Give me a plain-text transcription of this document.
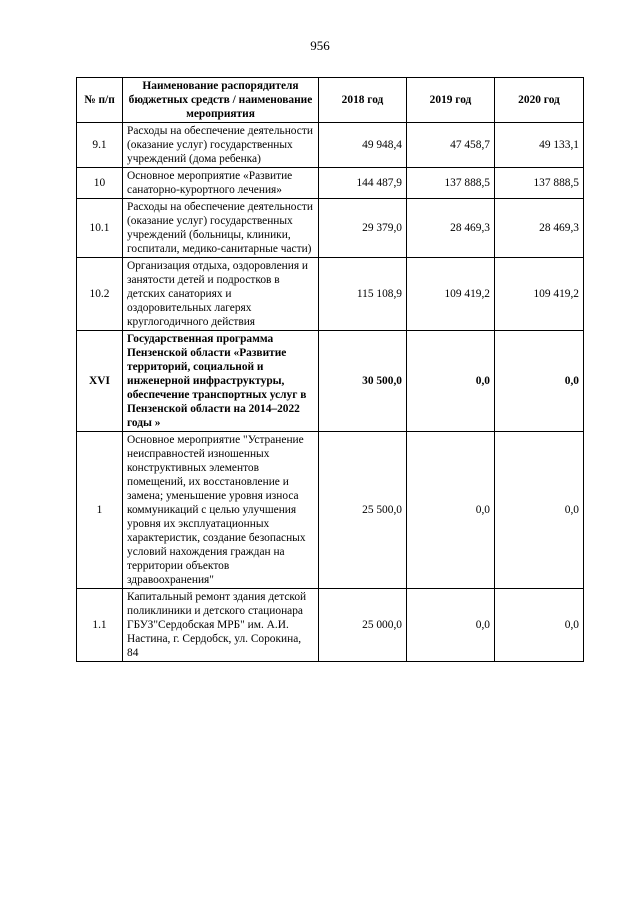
956
№ п/п	Наименование распорядителя бюджетных средств / наименование мероприятия	2018 год	2019 год	2020 год
9.1	Расходы на обеспечение деятельности (оказание услуг) государственных учреждений (дома ребенка)	49 948,4	47 458,7	49 133,1
10	Основное мероприятие «Развитие санаторно-курортного лечения»	144 487,9	137 888,5	137 888,5
10.1	Расходы на обеспечение деятельности (оказание услуг) государственных учреждений (больницы, клиники, госпитали, медико-санитарные части)	29 379,0	28 469,3	28 469,3
10.2	Организация отдыха, оздоровления и занятости детей и подростков в детских санаториях и оздоровительных лагерях круглогодичного действия	115 108,9	109 419,2	109 419,2
XVI	Государственная программа Пензенской области «Развитие территорий, социальной и инженерной инфраструктуры, обеспечение транспортных услуг в Пензенской области на 2014–2022 годы »	30 500,0	0,0	0,0
1	Основное мероприятие "Устранение неисправностей изношенных конструктивных элементов помещений, их восстановление и замена; уменьшение уровня износа коммуникаций с целью улучшения уровня их эксплуатационных характеристик, создание безопасных условий нахождения граждан на территории объектов здравоохранения"	25 500,0	0,0	0,0
1.1	Капитальный ремонт здания детской поликлиники и детского стационара ГБУЗ"Сердобская МРБ" им. А.И. Настина, г. Сердобск, ул. Сорокина, 84	25 000,0	0,0	0,0
